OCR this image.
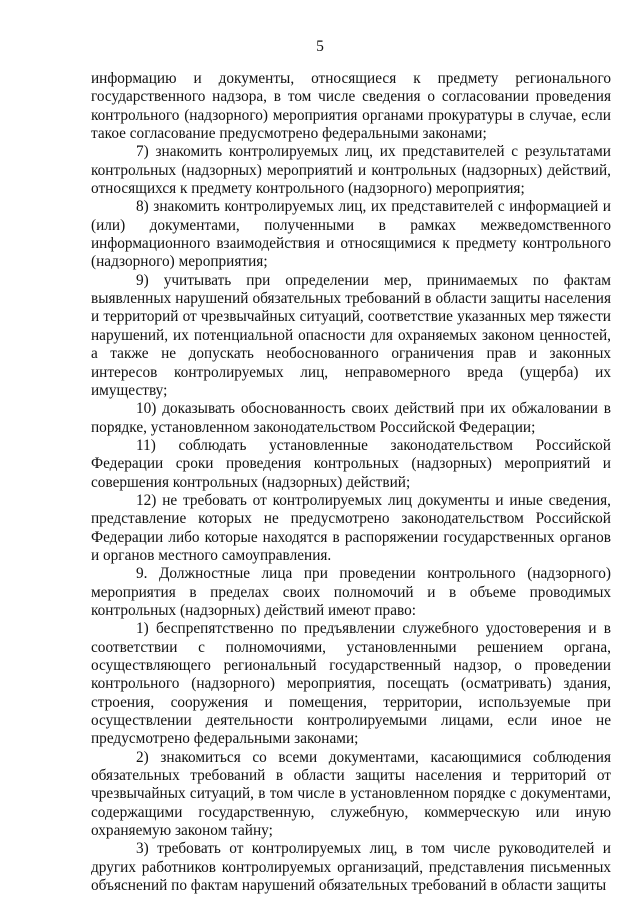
5

информацию и документы, относящиеся к предмету регионального государственного надзора, в том числе сведения о согласовании проведения контрольного (надзорного) мероприятия органами прокуратуры в случае, если такое согласование предусмотрено федеральными законами;

7) знакомить контролируемых лиц, их представителей с результатами контрольных (надзорных) мероприятий и контрольных (надзорных) действий, относящихся к предмету контрольного (надзорного) мероприятия;

8) знакомить контролируемых лиц, их представителей с информацией и (или) документами, полученными в рамках межведомственного информационного взаимодействия и относящимися к предмету контрольного (надзорного) мероприятия;

9) учитывать при определении мер, принимаемых по фактам выявленных нарушений обязательных требований в области защиты населения и территорий от чрезвычайных ситуаций, соответствие указанных мер тяжести нарушений, их потенциальной опасности для охраняемых законом ценностей, а также не допускать необоснованного ограничения прав и законных интересов контролируемых лиц, неправомерного вреда (ущерба) их имуществу;

10) доказывать обоснованность своих действий при их обжаловании в порядке, установленном законодательством Российской Федерации;

11) соблюдать установленные законодательством Российской Федерации сроки проведения контрольных (надзорных) мероприятий и совершения контрольных (надзорных) действий;

12) не требовать от контролируемых лиц документы и иные сведения, представление которых не предусмотрено законодательством Российской Федерации либо которые находятся в распоряжении государственных органов и органов местного самоуправления.

9. Должностные лица при проведении контрольного (надзорного) мероприятия в пределах своих полномочий и в объеме проводимых контрольных (надзорных) действий имеют право:

1) беспрепятственно по предъявлении служебного удостоверения и в соответствии с полномочиями, установленными решением органа, осуществляющего региональный государственный надзор, о проведении контрольного (надзорного) мероприятия, посещать (осматривать) здания, строения, сооружения и помещения, территории, используемые при осуществлении деятельности контролируемыми лицами, если иное не предусмотрено федеральными законами;

2) знакомиться со всеми документами, касающимися соблюдения обязательных требований в области защиты населения и территорий от чрезвычайных ситуаций, в том числе в установленном порядке с документами, содержащими государственную, служебную, коммерческую или иную охраняемую законом тайну;

3) требовать от контролируемых лиц, в том числе руководителей и других работников контролируемых организаций, представления письменных объяснений по фактам нарушений обязательных требований в области защиты
